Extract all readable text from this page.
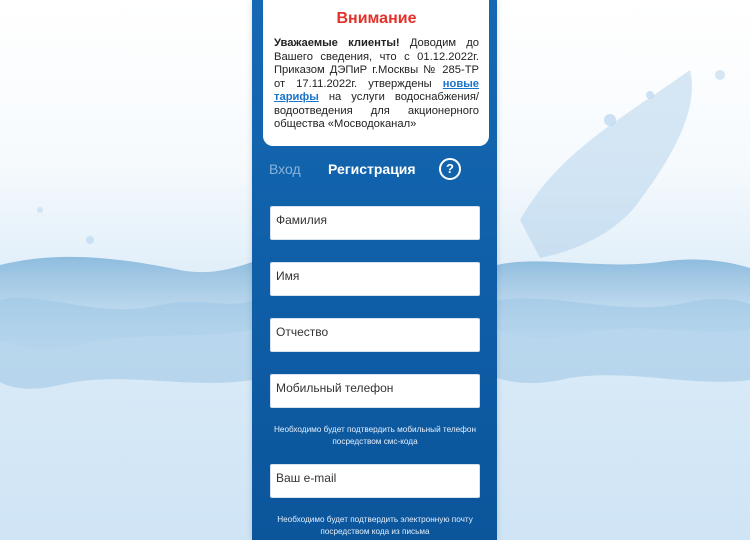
Внимание
Уважаемые клиенты! Доводим до Вашего сведения, что с 01.12.2022г. Приказом ДЭПиР г.Москвы № 285-ТР от 17.11.2022г. утверждены новые тарифы на услуги водоснабжения/ водоотведения для акционерного общества «Мосводоканал»
Вход Регистрация	?
Фамилия
Имя
Отчество
Мобильный телефон
Необходимо будет подтвердить мобильный телефон посредством смс-кода
Ваш e-mail
Необходимо будет подтвердить электронную почту посредством кода из письма
